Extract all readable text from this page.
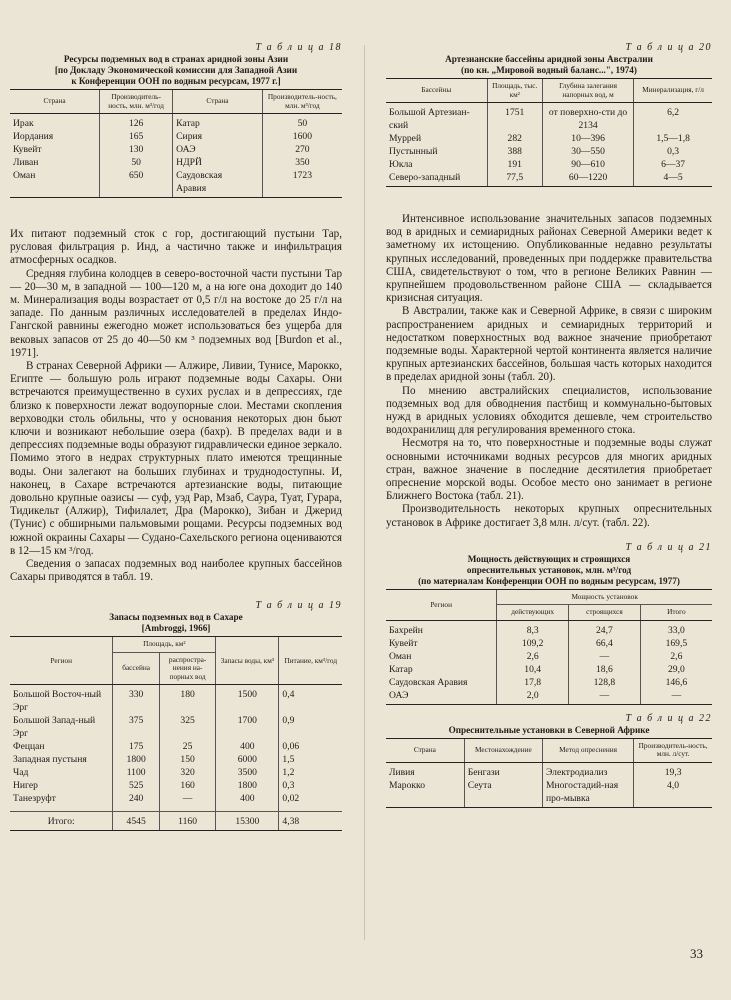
Т а б л и ц а 18
Ресурсы подземных вод в странах аридной зоны Азии
[по Докладу Экономической комиссии для Западной Азии
к Конференции ООН по водным ресурсам, 1977 г.]
Страна	Производитель-ность, млн. м³/год	Страна	Производитель-ность, млн. м³/год
Ирак	126	Катар	50
Иордания	165	Сирия	1600
Кувейт	130	ОАЭ	270
Ливан	50	НДРЙ	350
Оман	650	Саудовская	1723
		Аравия	

Их питают подземный сток с гор, достигающий пустыни Тар, русловая фильтрация р. Инд, а частично также и инфильтрация атмосферных осадков.

Средняя глубина колодцев в северо-восточной части пустыни Тар — 20—30 м, в западной — 100—120 м, а на юге она доходит до 140 м. Минерализация воды возрастает от 0,5 г/л на востоке до 25 г/л на западе. По данным различных исследователей в пределах Индо-Гангской равнины ежегодно может использоваться без ущерба для вековых запасов от 25 до 40—50 км ³ подземных вод [Burdon et al., 1971].

В странах Северной Африки — Алжире, Ливии, Тунисе, Марокко, Египте — большую роль играют подземные воды Сахары. Они встречаются преимущественно в сухих руслах и в депрессиях, где близко к поверхности лежат водоупорные слои. Местами скопления верховодки столь обильны, что у основания некоторых дюн бьют ключи и возникают небольшие озера (бахр). В пределах вади и в депрессиях подземные воды образуют гидравлически единое зеркало. Помимо этого в недрах структурных плато имеются трещинные воды. Они залегают на больших глубинах и труднодоступны. И, наконец, в Сахаре встречаются артезианские воды, питающие довольно крупные оазисы — суф, уэд Рар, Мзаб, Саура, Туат, Гурара, Тидикельт (Алжир), Тифилалет, Дра (Марокко), Зибан и Джерид (Тунис) с обширными пальмовыми рощами. Ресурсы подземных вод южной окраины Сахары — Судано-Сахельского региона оцениваются в 12—15 км ³/год.

Сведения о запасах подземных вод наиболее крупных бассейнов Сахары приводятся в табл. 19.

Т а б л и ц а 19
Запасы подземных вод в Сахаре
[Ambroggi, 1966]
Регион	Площадь, км²		Запасы воды, км³	Питание, км³/год
	бассейна	распростра-нения на-порных вод		
Большой Восточ-ный Эрг	330	180	1500	0,4
Большой Запад-ный Эрг	375	325	1700	0,9
Феццан	175	25	400	0,06
Западная пустыня	1800	150	6000	1,5
Чад	1100	320	3500	1,2
Нигер	525	160	1800	0,3
Танезруфт	240	—	400	0,02
Итого:	4545	1160	15300	4,38
Т а б л и ц а 20
Артезианские бассейны аридной зоны Австралии
(по кн. „Мировой водный баланс...", 1974)
Бассейны	Площадь, тыс. км²	Глубина залегания напорных вод, м	Минерализация, г/л
Большой Артезиан-ский	1751	от поверхно-сти до 2134	6,2
Муррей	282	10—396	1,5—1,8
Пустынный	388	30—550	0,3
Юкла	191	90—610	6—37
Северо-западный	77,5	60—1220	4—5

Интенсивное использование значительных запасов подземных вод в аридных и семиаридных районах Северной Америки ведет к заметному их истощению. Опубликованные недавно результаты крупных исследований, проведенных при поддержке правительства США, свидетельствуют о том, что в регионе Великих Равнин — крупнейшем продовольственном районе США — складывается кризисная ситуация.

В Австралии, также как и Северной Африке, в связи с широким распространением аридных и семиаридных территорий и недостатком поверхностных вод важное значение приобретают подземные воды. Характерной чертой континента является наличие крупных артезианских бассейнов, большая часть которых находится в пределах аридной зоны (табл. 20).

По мнению австралийских специалистов, использование подземных вод для обводнения пастбищ и коммунально-бытовых нужд в аридных условиях обходится дешевле, чем строительство водохранилищ для регулирования временного стока.

Несмотря на то, что поверхностные и подземные воды служат основными источниками водных ресурсов для многих аридных стран, важное значение в последние десятилетия приобретает опреснение морской воды. Особое место оно занимает в регионе Ближнего Востока (табл. 21).

Производительность некоторых крупных опреснительных установок в Африке достигает 3,8 млн. л/сут. (табл. 22).

Т а б л и ц а 21
Мощность действующих и строящихся
опреснительных установок, млн. м³/год
(по материалам Конференции ООН по водным ресурсам, 1977)
Регион	Мощность установок		
	действующих	строящихся	Итого
Бахрейн	8,3	24,7	33,0
Кувейт	109,2	66,4	169,5
Оман	2,6	—	2,6
Катар	10,4	18,6	29,0
Саудовская Аравия	17,8	128,8	146,6
ОАЭ	2,0	—	—
Т а б л и ц а 22
Опреснительные установки в Северной Африке
Страна	Местонахождение	Метод опреснения	Производитель-ность, млн. л/сут.
Ливия	Бенгази	Электродиализ	19,3
Марокко	Сеута	Многостадий-ная про-мывка	4,0
33
